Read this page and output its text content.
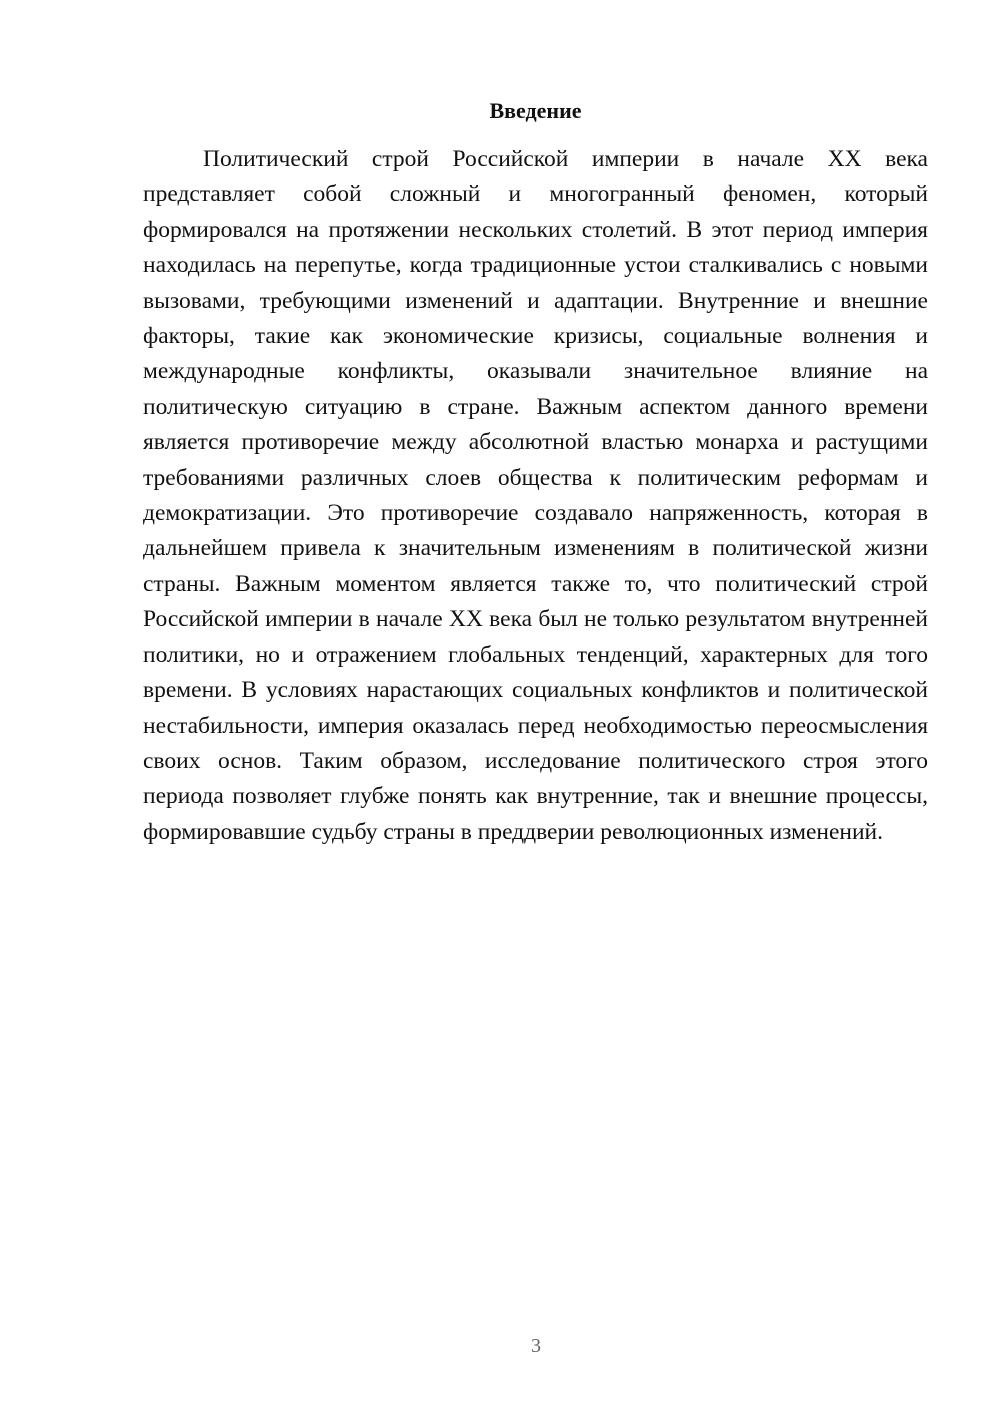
Введение

Политический строй Российской империи в начале XX века представляет собой сложный и многогранный феномен, который формировался на протяжении нескольких столетий. В этот период империя находилась на перепутье, когда традиционные устои сталкивались с новыми вызовами, требующими изменений и адаптации. Внутренние и внешние факторы, такие как экономические кризисы, социальные волнения и международные конфликты, оказывали значительное влияние на политическую ситуацию в стране. Важным аспектом данного времени является противоречие между абсолютной властью монарха и растущими требованиями различных слоев общества к политическим реформам и демократизации. Это противоречие создавало напряженность, которая в дальнейшем привела к значительным изменениям в политической жизни страны. Важным моментом является также то, что политический строй Российской империи в начале XX века был не только результатом внутренней политики, но и отражением глобальных тенденций, характерных для того времени. В условиях нарастающих социальных конфликтов и политической нестабильности, империя оказалась перед необходимостью переосмысления своих основ. Таким образом, исследование политического строя этого периода позволяет глубже понять как внутренние, так и внешние процессы, формировавшие судьбу страны в преддверии революционных изменений.

3
